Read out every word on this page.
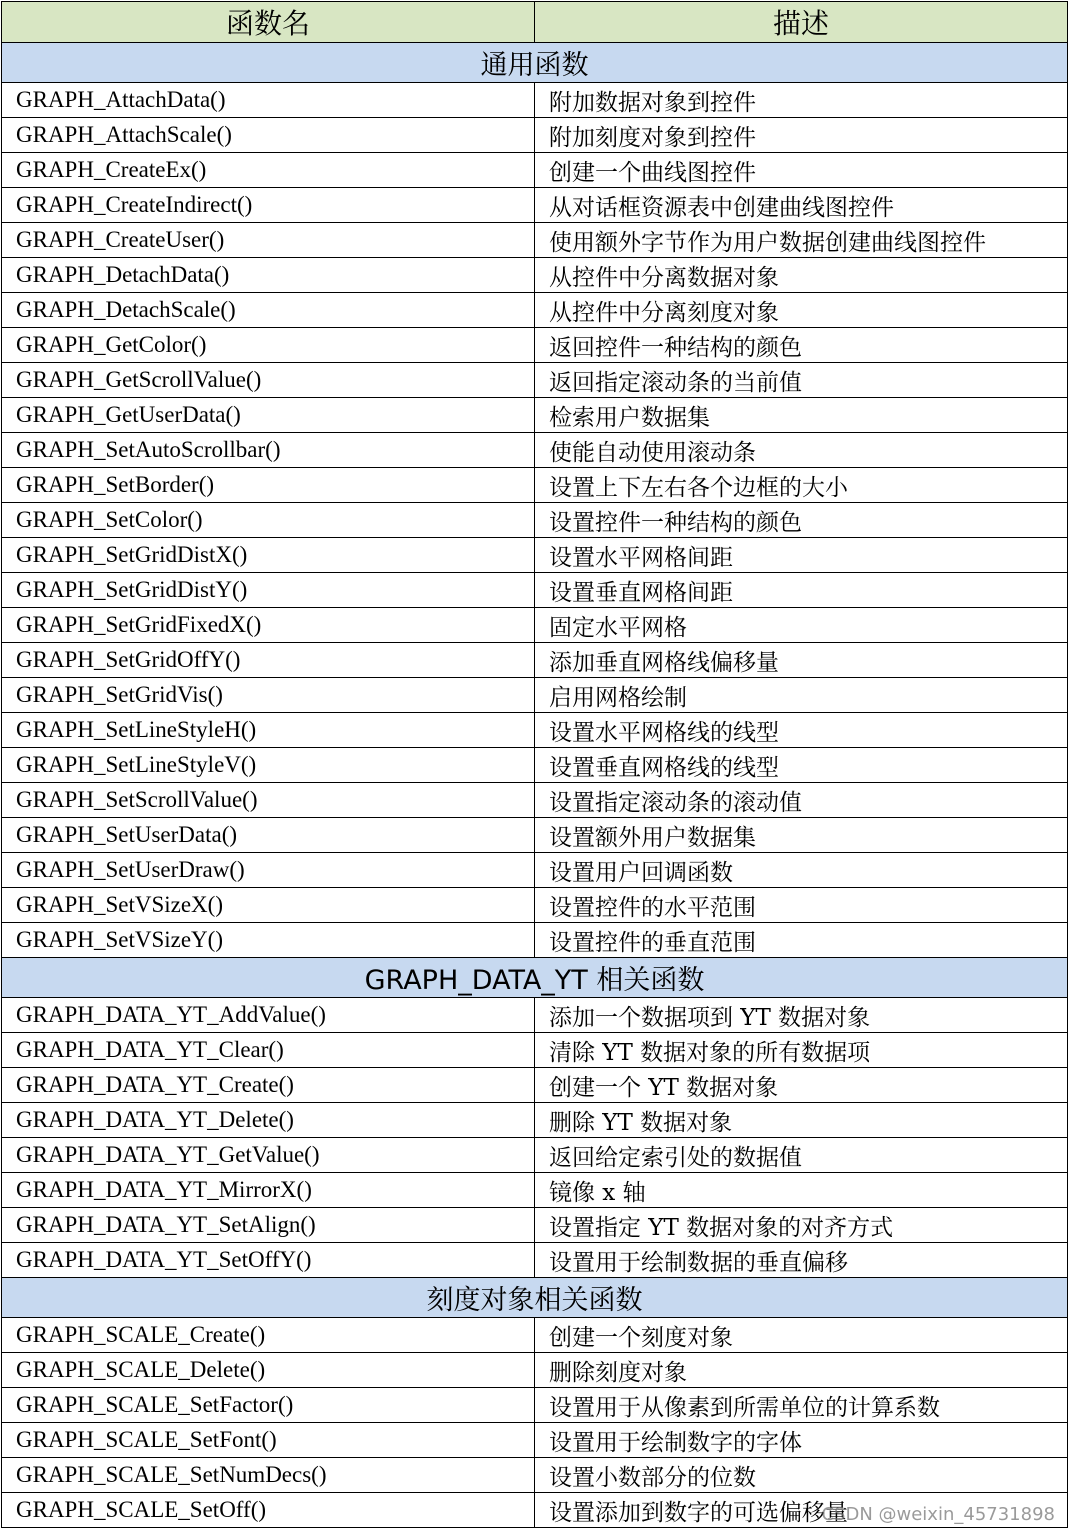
函数名	描述
通用函数	
GRAPH_AttachData()	附加数据对象到控件
GRAPH_AttachScale()	附加刻度对象到控件
GRAPH_CreateEx()	创建一个曲线图控件
GRAPH_CreateIndirect()	从对话框资源表中创建曲线图控件
GRAPH_CreateUser()	使用额外字节作为用户数据创建曲线图控件
GRAPH_DetachData()	从控件中分离数据对象
GRAPH_DetachScale()	从控件中分离刻度对象
GRAPH_GetColor()	返回控件一种结构的颜色
GRAPH_GetScrollValue()	返回指定滚动条的当前值
GRAPH_GetUserData()	检索用户数据集
GRAPH_SetAutoScrollbar()	使能自动使用滚动条
GRAPH_SetBorder()	设置上下左右各个边框的大小
GRAPH_SetColor()	设置控件一种结构的颜色
GRAPH_SetGridDistX()	设置水平网格间距
GRAPH_SetGridDistY()	设置垂直网格间距
GRAPH_SetGridFixedX()	固定水平网格
GRAPH_SetGridOffY()	添加垂直网格线偏移量
GRAPH_SetGridVis()	启用网格绘制
GRAPH_SetLineStyleH()	设置水平网格线的线型
GRAPH_SetLineStyleV()	设置垂直网格线的线型
GRAPH_SetScrollValue()	设置指定滚动条的滚动值
GRAPH_SetUserData()	设置额外用户数据集
GRAPH_SetUserDraw()	设置用户回调函数
GRAPH_SetVSizeX()	设置控件的水平范围
GRAPH_SetVSizeY()	设置控件的垂直范围
GRAPH_DATA_YT 相关函数	
GRAPH_DATA_YT_AddValue()	添加一个数据项到 YT 数据对象
GRAPH_DATA_YT_Clear()	清除 YT 数据对象的所有数据项
GRAPH_DATA_YT_Create()	创建一个 YT 数据对象
GRAPH_DATA_YT_Delete()	删除 YT 数据对象
GRAPH_DATA_YT_GetValue()	返回给定索引处的数据值
GRAPH_DATA_YT_MirrorX()	镜像 x 轴
GRAPH_DATA_YT_SetAlign()	设置指定 YT 数据对象的对齐方式
GRAPH_DATA_YT_SetOffY()	设置用于绘制数据的垂直偏移
刻度对象相关函数	
GRAPH_SCALE_Create()	创建一个刻度对象
GRAPH_SCALE_Delete()	删除刻度对象
GRAPH_SCALE_SetFactor()	设置用于从像素到所需单位的计算系数
GRAPH_SCALE_SetFont()	设置用于绘制数字的字体
GRAPH_SCALE_SetNumDecs()	设置小数部分的位数
GRAPH_SCALE_SetOff()	设置添加到数字的可选偏移量
CSDN @weixin_45731898
